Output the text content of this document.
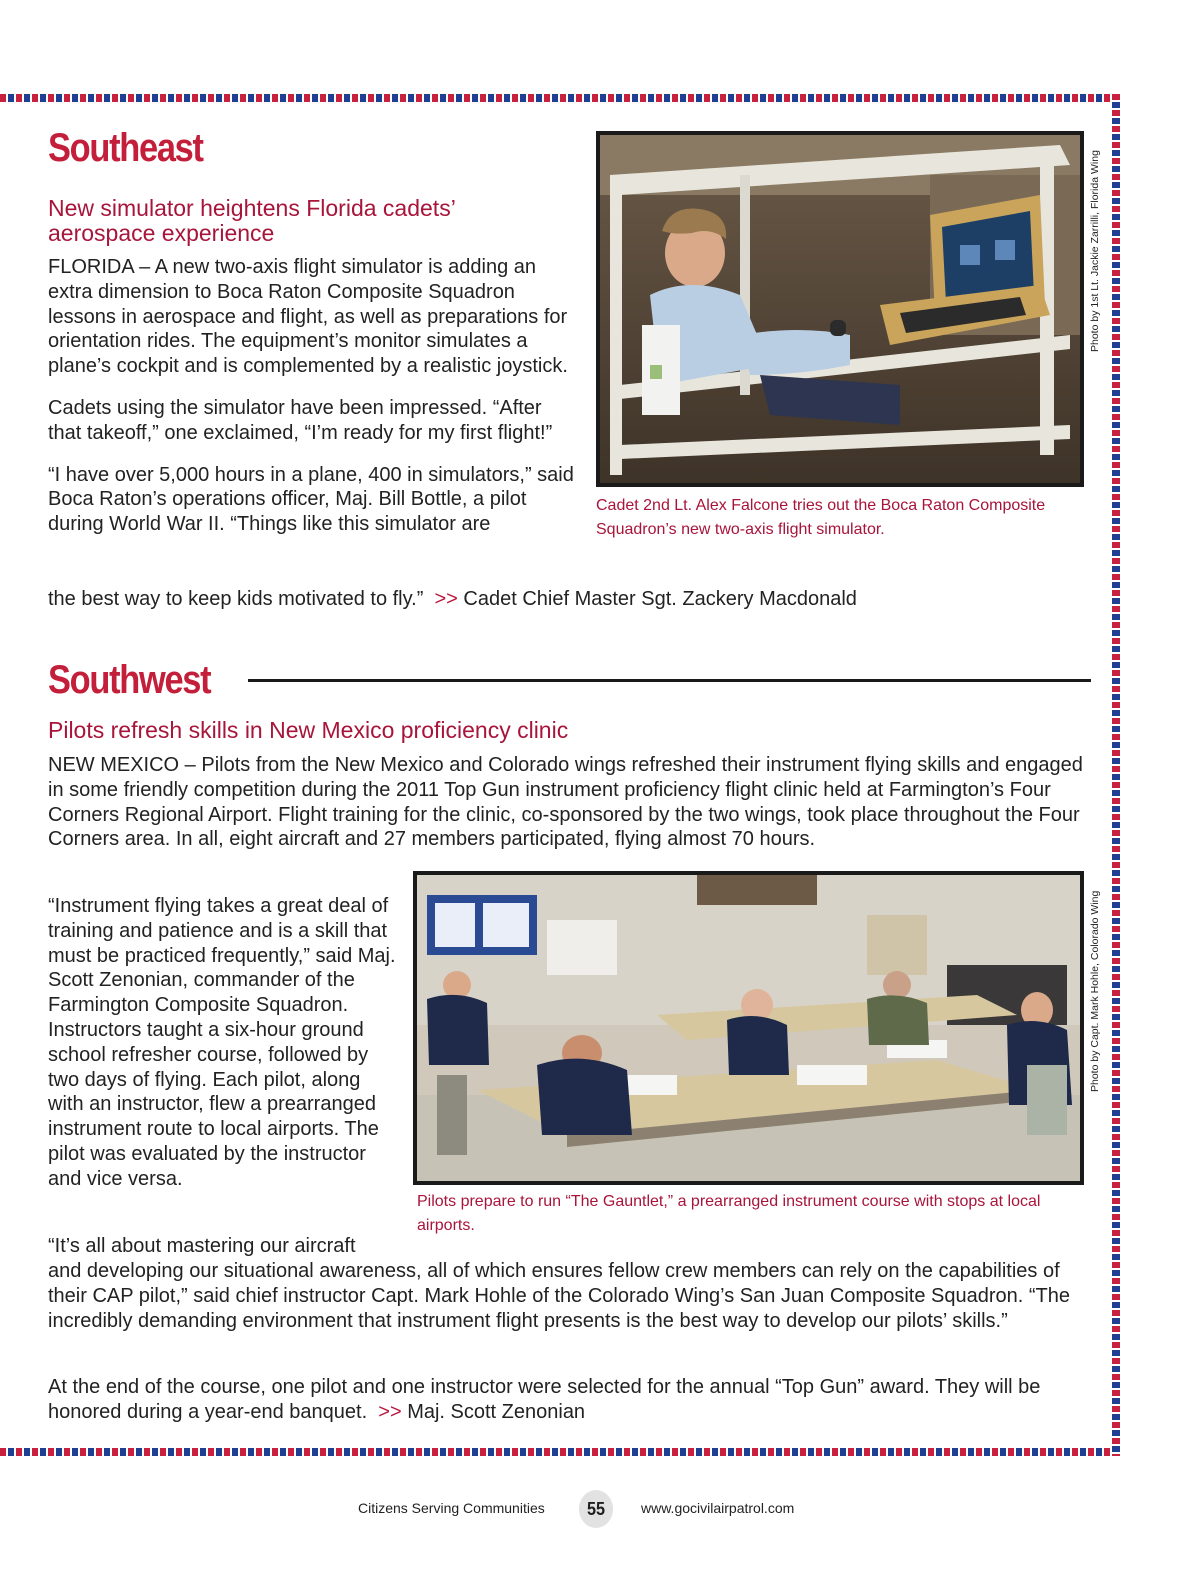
Southeast
New simulator heightens Florida cadets’ aerospace experience

FLORIDA – A new two-axis flight simulator is adding an extra dimension to Boca Raton Composite Squadron lessons in aerospace and flight, as well as preparations for orientation rides. The equipment’s monitor simulates a plane’s cockpit and is complemented by a realistic joystick.

Cadets using the simulator have been impressed. “After that takeoff,” one exclaimed, “I’m ready for my first flight!”

“I have over 5,000 hours in a plane, 400 in simulators,” said Boca Raton’s operations officer, Maj. Bill Bottle, a pilot during World War II. “Things like this simulator are

the best way to keep kids motivated to fly.” >> Cadet Chief Master Sgt. Zackery Macdonald
Photo by 1st Lt. Jackie Zarrilli, Florida Wing
Cadet 2nd Lt. Alex Falcone tries out the Boca Raton Composite Squadron’s new two-axis flight simulator.
Southwest
Pilots refresh skills in New Mexico proficiency clinic
NEW MEXICO – Pilots from the New Mexico and Colorado wings refreshed their instrument flying skills and engaged in some friendly competition during the 2011 Top Gun instrument proficiency flight clinic held at Farmington’s Four Corners Regional Airport. Flight training for the clinic, co-sponsored by the two wings, took place throughout the Four Corners area. In all, eight aircraft and 27 members participated, flying almost 70 hours.
“Instrument flying takes a great deal of training and patience and is a skill that must be practiced frequently,” said Maj. Scott Zenonian, commander of the Farmington Composite Squadron. Instructors taught a six-hour ground school refresher course, followed by two days of flying. Each pilot, along with an instructor, flew a prearranged instrument route to local airports. The pilot was evaluated by the instructor and vice versa.
“It’s all about mastering our aircraft
and developing our situational awareness, all of which ensures fellow crew members can rely on the capabilities of their CAP pilot,” said chief instructor Capt. Mark Hohle of the Colorado Wing’s San Juan Composite Squadron. “The incredibly demanding environment that instrument flight presents is the best way to develop our pilots’ skills.”
At the end of the course, one pilot and one instructor were selected for the annual “Top Gun” award. They will be honored during a year-end banquet. >> Maj. Scott Zenonian
Photo by Capt. Mark Hohle, Colorado Wing
Pilots prepare to run “The Gauntlet,” a prearranged instrument course with stops at local airports.
Citizens Serving Communities	55	www.gocivilairpatrol.com
